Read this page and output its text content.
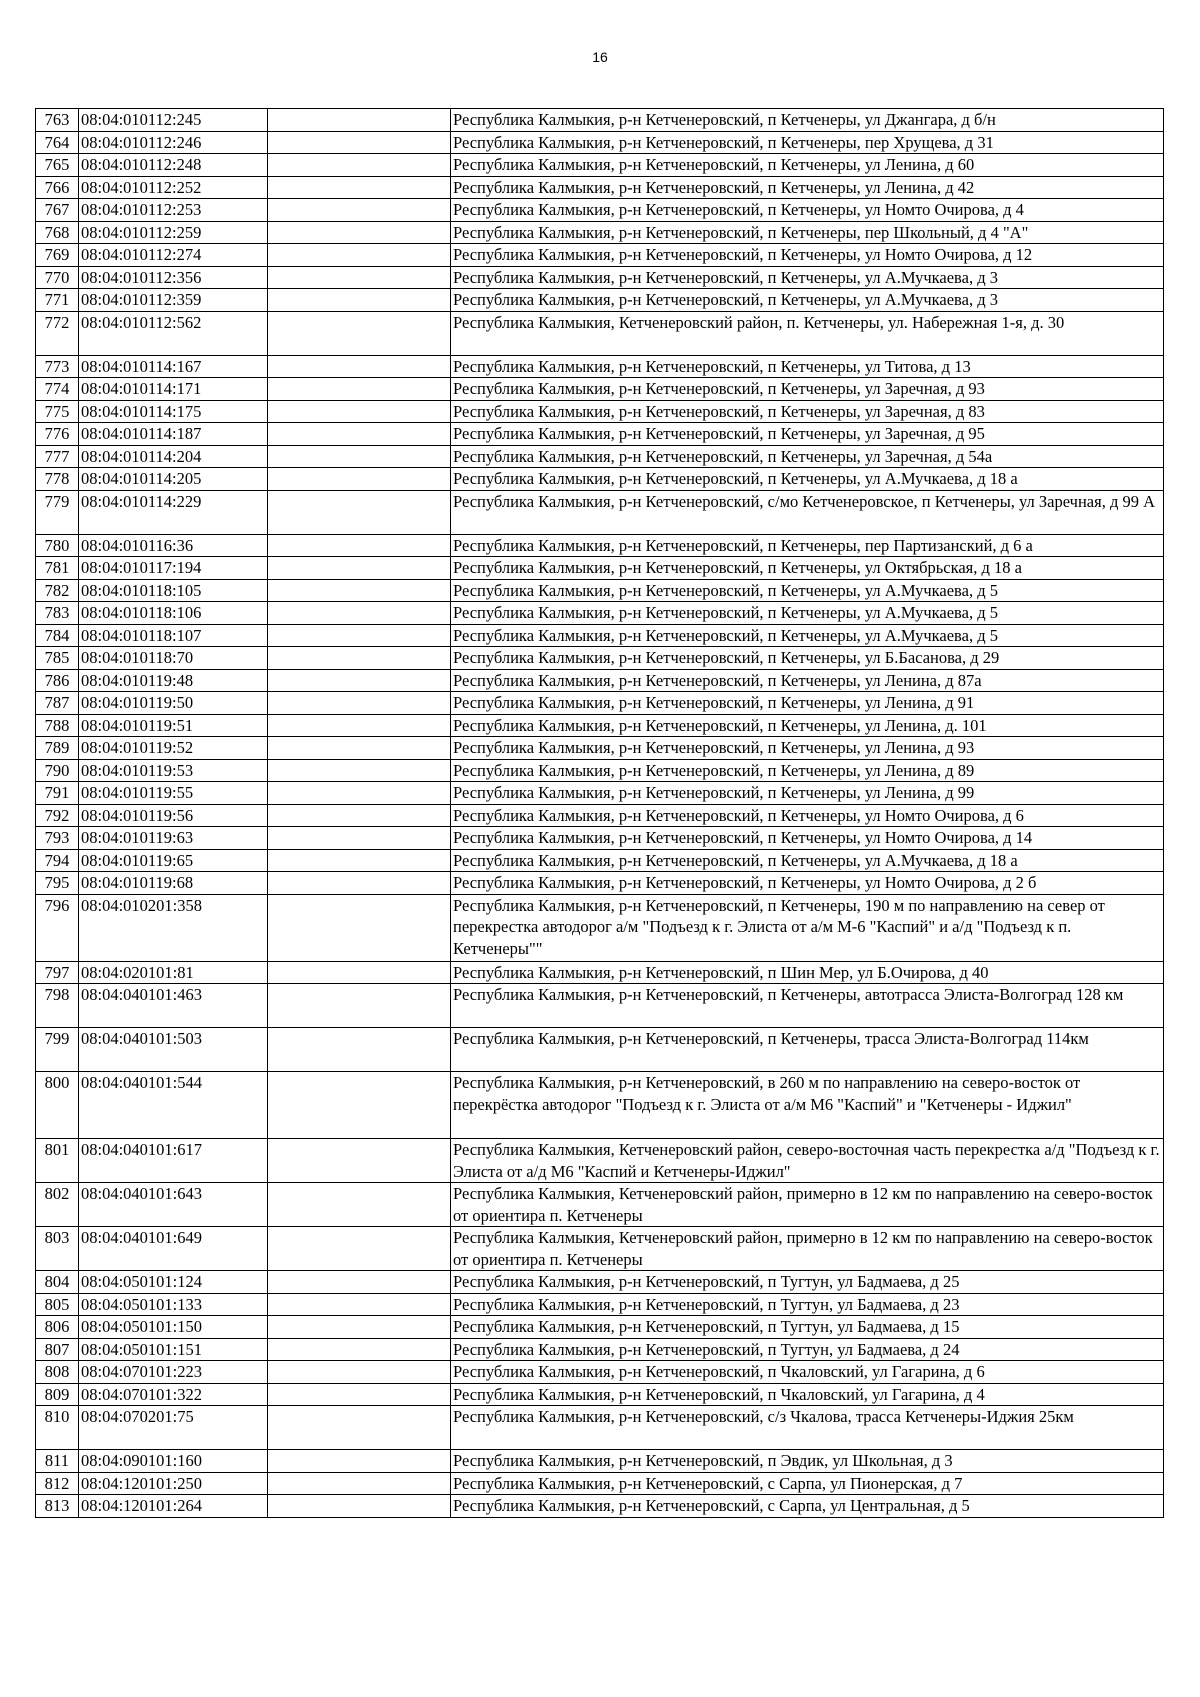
16
763	08:04:010112:245		Республика Калмыкия, р-н Кетченеровский, п Кетченеры, ул Джангара, д б/н
764	08:04:010112:246		Республика Калмыкия, р-н Кетченеровский, п Кетченеры, пер Хрущева, д 31
765	08:04:010112:248		Республика Калмыкия, р-н Кетченеровский, п Кетченеры, ул Ленина, д 60
766	08:04:010112:252		Республика Калмыкия, р-н Кетченеровский, п Кетченеры, ул Ленина, д 42
767	08:04:010112:253		Республика Калмыкия, р-н Кетченеровский, п Кетченеры, ул Номто Очирова, д 4
768	08:04:010112:259		Республика Калмыкия, р-н Кетченеровский, п Кетченеры, пер Школьный, д 4 "А"
769	08:04:010112:274		Республика Калмыкия, р-н Кетченеровский, п Кетченеры, ул Номто Очирова, д 12
770	08:04:010112:356		Республика Калмыкия, р-н Кетченеровский, п Кетченеры, ул А.Мучкаева, д 3
771	08:04:010112:359		Республика Калмыкия, р-н Кетченеровский, п Кетченеры, ул А.Мучкаева, д 3
772	08:04:010112:562		Республика Калмыкия, Кетченеровский район, п. Кетченеры, ул. Набережная 1-я, д. 30
773	08:04:010114:167		Республика Калмыкия, р-н Кетченеровский, п Кетченеры, ул Титова, д 13
774	08:04:010114:171		Республика Калмыкия, р-н Кетченеровский, п Кетченеры, ул Заречная, д 93
775	08:04:010114:175		Республика Калмыкия, р-н Кетченеровский, п Кетченеры, ул Заречная, д 83
776	08:04:010114:187		Республика Калмыкия, р-н Кетченеровский, п Кетченеры, ул Заречная, д 95
777	08:04:010114:204		Республика Калмыкия, р-н Кетченеровский, п Кетченеры, ул Заречная, д 54а
778	08:04:010114:205		Республика Калмыкия, р-н Кетченеровский, п Кетченеры, ул А.Мучкаева, д 18 а
779	08:04:010114:229		Республика Калмыкия, р-н Кетченеровский, с/мо Кетченеровское, п Кетченеры, ул Заречная, д 99 А
780	08:04:010116:36		Республика Калмыкия, р-н Кетченеровский, п Кетченеры, пер Партизанский, д 6 а
781	08:04:010117:194		Республика Калмыкия, р-н Кетченеровский, п Кетченеры, ул Октябрьская, д 18 а
782	08:04:010118:105		Республика Калмыкия, р-н Кетченеровский, п Кетченеры, ул А.Мучкаева, д 5
783	08:04:010118:106		Республика Калмыкия, р-н Кетченеровский, п Кетченеры, ул А.Мучкаева, д 5
784	08:04:010118:107		Республика Калмыкия, р-н Кетченеровский, п Кетченеры, ул А.Мучкаева, д 5
785	08:04:010118:70		Республика Калмыкия, р-н Кетченеровский, п Кетченеры, ул Б.Басанова, д 29
786	08:04:010119:48		Республика Калмыкия, р-н Кетченеровский, п Кетченеры, ул Ленина, д 87а
787	08:04:010119:50		Республика Калмыкия, р-н Кетченеровский, п Кетченеры, ул Ленина, д 91
788	08:04:010119:51		Республика Калмыкия, р-н Кетченеровский, п Кетченеры, ул Ленина, д. 101
789	08:04:010119:52		Республика Калмыкия, р-н Кетченеровский, п Кетченеры, ул Ленина, д 93
790	08:04:010119:53		Республика Калмыкия, р-н Кетченеровский, п Кетченеры, ул Ленина, д 89
791	08:04:010119:55		Республика Калмыкия, р-н Кетченеровский, п Кетченеры, ул Ленина, д 99
792	08:04:010119:56		Республика Калмыкия, р-н Кетченеровский, п Кетченеры, ул Номто Очирова, д 6
793	08:04:010119:63		Республика Калмыкия, р-н Кетченеровский, п Кетченеры, ул Номто Очирова, д 14
794	08:04:010119:65		Республика Калмыкия, р-н Кетченеровский, п Кетченеры, ул А.Мучкаева, д 18 а
795	08:04:010119:68		Республика Калмыкия, р-н Кетченеровский, п Кетченеры, ул Номто Очирова, д 2 б
796	08:04:010201:358		Республика Калмыкия, р-н Кетченеровский, п Кетченеры, 190 м по направлению на север от перекрестка автодорог а/м "Подъезд к г. Элиста от а/м М-6 "Каспий" и а/д "Подъезд к п. Кетченеры""
797	08:04:020101:81		Республика Калмыкия, р-н Кетченеровский, п Шин Мер, ул Б.Очирова, д 40
798	08:04:040101:463		Республика Калмыкия, р-н Кетченеровский, п Кетченеры, автотрасса Элиста-Волгоград 128 км
799	08:04:040101:503		Республика Калмыкия, р-н Кетченеровский, п Кетченеры, трасса Элиста-Волгоград 114км
800	08:04:040101:544		Республика Калмыкия, р-н Кетченеровский, в 260 м по направлению на северо-восток от перекрёстка автодорог "Подъезд к г. Элиста от а/м М6 "Каспий" и "Кетченеры - Иджил"
801	08:04:040101:617		Республика Калмыкия, Кетченеровский район, северо-восточная часть перекрестка а/д "Подъезд к г. Элиста от а/д М6 "Каспий и Кетченеры-Иджил"
802	08:04:040101:643		Республика Калмыкия, Кетченеровский район, примерно в 12 км по направлению на северо-восток от ориентира п. Кетченеры
803	08:04:040101:649		Республика Калмыкия, Кетченеровский район, примерно в 12 км по направлению на северо-восток от ориентира п. Кетченеры
804	08:04:050101:124		Республика Калмыкия, р-н Кетченеровский, п Тугтун, ул Бадмаева, д 25
805	08:04:050101:133		Республика Калмыкия, р-н Кетченеровский, п Тугтун, ул Бадмаева, д 23
806	08:04:050101:150		Республика Калмыкия, р-н Кетченеровский, п Тугтун, ул Бадмаева, д 15
807	08:04:050101:151		Республика Калмыкия, р-н Кетченеровский, п Тугтун, ул Бадмаева, д 24
808	08:04:070101:223		Республика Калмыкия, р-н Кетченеровский, п Чкаловский, ул Гагарина, д 6
809	08:04:070101:322		Республика Калмыкия, р-н Кетченеровский, п Чкаловский, ул Гагарина, д 4
810	08:04:070201:75		Республика Калмыкия, р-н Кетченеровский, с/з Чкалова, трасса Кетченеры-Иджия 25км
811	08:04:090101:160		Республика Калмыкия, р-н Кетченеровский, п Эвдик, ул Школьная, д 3
812	08:04:120101:250		Республика Калмыкия, р-н Кетченеровский, с Сарпа, ул Пионерская, д 7
813	08:04:120101:264		Республика Калмыкия, р-н Кетченеровский, с Сарпа, ул Центральная, д 5
